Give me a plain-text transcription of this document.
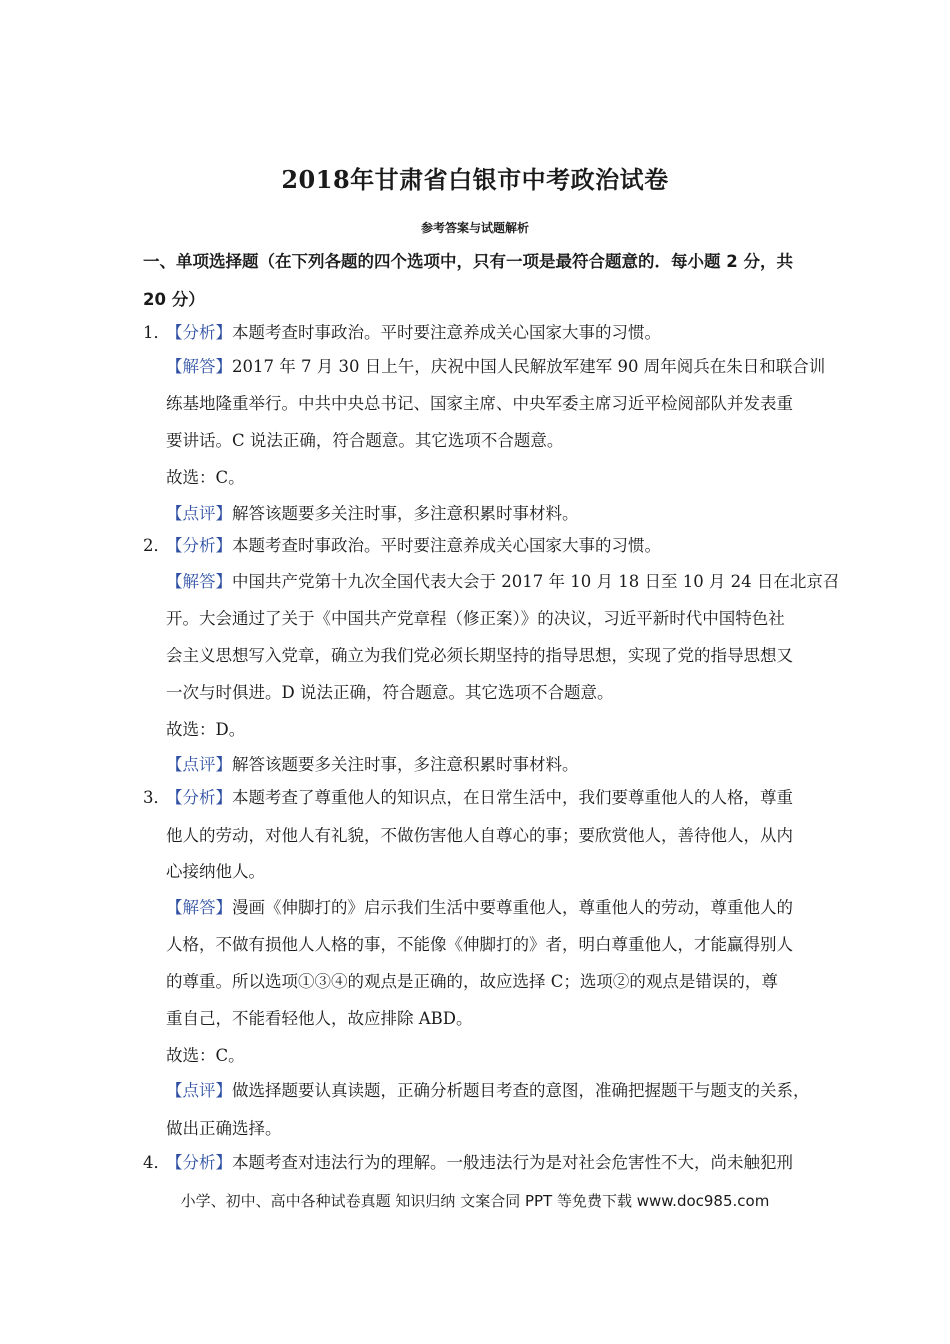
2018年甘肃省白银市中考政治试卷
参考答案与试题解析
一、单项选择题（在下列各题的四个选项中，只有一项是最符合题意的．每小题 2 分，共
20 分）
1．【分析】本题考查时事政治。平时要注意养成关心国家大事的习惯。
【解答】2017 年 7 月 30 日上午，庆祝中国人民解放军建军 90 周年阅兵在朱日和联合训
练基地隆重举行。中共中央总书记、国家主席、中央军委主席习近平检阅部队并发表重
要讲话。C 说法正确，符合题意。其它选项不合题意。
故选：C。
【点评】解答该题要多关注时事，多注意积累时事材料。
2．【分析】本题考查时事政治。平时要注意养成关心国家大事的习惯。
【解答】中国共产党第十九次全国代表大会于 2017 年 10 月 18 日至 10 月 24 日在北京召
开。大会通过了关于《中国共产党章程（修正案）》的决议，习近平新时代中国特色社
会主义思想写入党章，确立为我们党必须长期坚持的指导思想，实现了党的指导思想又
一次与时俱进。D 说法正确，符合题意。其它选项不合题意。
故选：D。
【点评】解答该题要多关注时事，多注意积累时事材料。
3．【分析】本题考查了尊重他人的知识点，在日常生活中，我们要尊重他人的人格，尊重
他人的劳动，对他人有礼貌，不做伤害他人自尊心的事；要欣赏他人，善待他人，从内
心接纳他人。
【解答】漫画《伸脚打的》启示我们生活中要尊重他人，尊重他人的劳动，尊重他人的
人格，不做有损他人人格的事，不能像《伸脚打的》者，明白尊重他人，才能赢得别人
的尊重。所以选项①③④的观点是正确的，故应选择 C；选项②的观点是错误的，尊
重自己，不能看轻他人，故应排除 ABD。
故选：C。
【点评】做选择题要认真读题，正确分析题目考查的意图，准确把握题干与题支的关系，
做出正确选择。
4．【分析】本题考查对违法行为的理解。一般违法行为是对社会危害性不大，尚未触犯刑
小学、初中、高中各种试卷真题 知识归纳 文案合同 PPT 等免费下载 www.doc985.com
